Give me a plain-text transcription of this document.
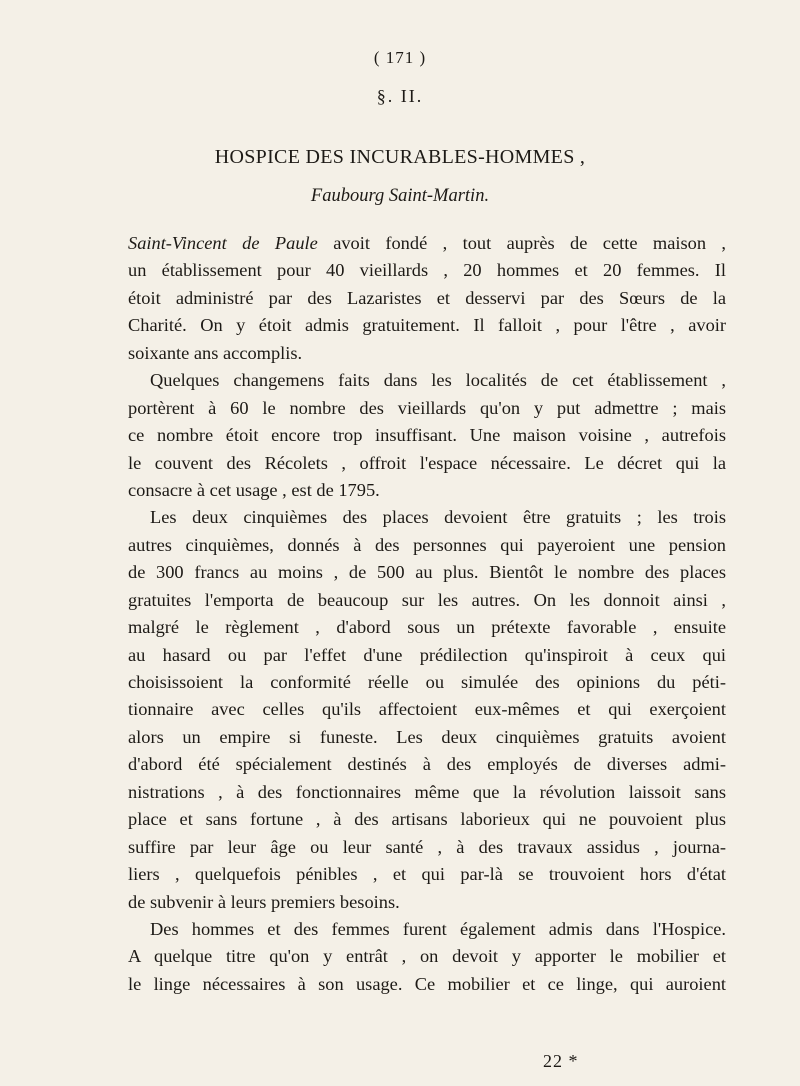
( 171 )
§. II.
HOSPICE DES INCURABLES-HOMMES ,
Faubourg Saint-Martin.
Saint-Vincent de Paule avoit fondé , tout auprès de cette maison ,
un établissement pour 40 vieillards , 20 hommes et 20 femmes. Il
étoit administré par des Lazaristes et desservi par des Sœurs de la
Charité. On y étoit admis gratuitement. Il falloit , pour l'être , avoir
soixante ans accomplis.
Quelques changemens faits dans les localités de cet établissement ,
portèrent à 60 le nombre des vieillards qu'on y put admettre ; mais
ce nombre étoit encore trop insuffisant. Une maison voisine , autrefois
le couvent des Récolets , offroit l'espace nécessaire. Le décret qui la
consacre à cet usage , est de 1795.
Les deux cinquièmes des places devoient être gratuits ; les trois
autres cinquièmes, donnés à des personnes qui payeroient une pension
de 300 francs au moins , de 500 au plus. Bientôt le nombre des places
gratuites l'emporta de beaucoup sur les autres. On les donnoit ainsi ,
malgré le règlement , d'abord sous un prétexte favorable , ensuite
au hasard ou par l'effet d'une prédilection qu'inspiroit à ceux qui
choisissoient la conformité réelle ou simulée des opinions du péti-
tionnaire avec celles qu'ils affectoient eux-mêmes et qui exerçoient
alors un empire si funeste. Les deux cinquièmes gratuits avoient
d'abord été spécialement destinés à des employés de diverses admi-
nistrations , à des fonctionnaires même que la révolution laissoit sans
place et sans fortune , à des artisans laborieux qui ne pouvoient plus
suffire par leur âge ou leur santé , à des travaux assidus , journa-
liers , quelquefois pénibles , et qui par-là se trouvoient hors d'état
de subvenir à leurs premiers besoins.
Des hommes et des femmes furent également admis dans l'Hospice.
A quelque titre qu'on y entrât , on devoit y apporter le mobilier et
le linge nécessaires à son usage. Ce mobilier et ce linge, qui auroient
22 *
